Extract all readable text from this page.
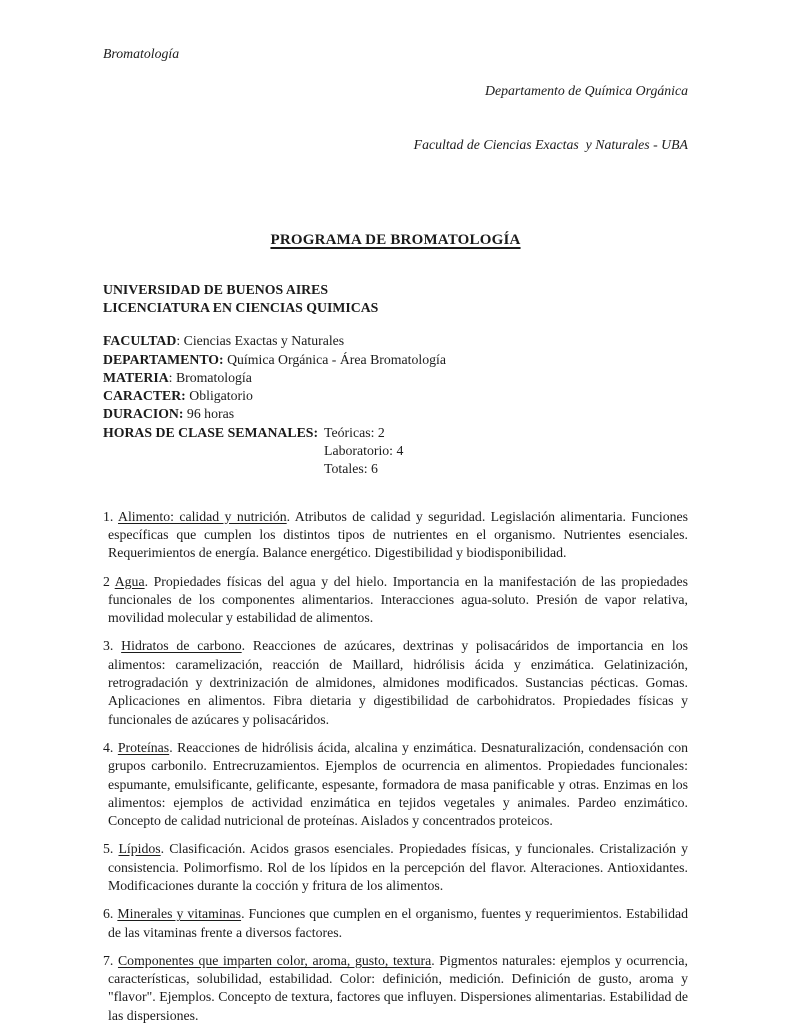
Bromatología

Departamento de Química Orgánica

Facultad de Ciencias Exactas  y Naturales - UBA

PROGRAMA DE BROMATOLOGÍA
UNIVERSIDAD DE BUENOS AIRES
LICENCIATURA EN CIENCIAS QUIMICAS
FACULTAD: Ciencias Exactas y Naturales
DEPARTAMENTO: Química Orgánica - Área Bromatología
MATERIA: Bromatología
CARACTER: Obligatorio
DURACION: 96 horas
HORAS DE CLASE SEMANALES: Teóricas: 2
Laboratorio: 4
Totales: 6
1. Alimento: calidad y nutrición. Atributos de calidad y seguridad. Legislación alimentaria. Funciones específicas que cumplen los distintos tipos de nutrientes en el organismo. Nutrientes esenciales. Requerimientos de energía. Balance energético. Digestibilidad y biodisponibilidad.
2 Agua. Propiedades físicas del agua y del hielo. Importancia en la manifestación de las propiedades funcionales de los componentes alimentarios. Interacciones agua-soluto. Presión de vapor relativa, movilidad molecular y estabilidad de alimentos.
3. Hidratos de carbono. Reacciones de azúcares, dextrinas y polisacáridos de importancia en los alimentos: caramelización, reacción de Maillard, hidrólisis ácida y enzimática. Gelatinización, retrogradación y dextrinización de almidones, almidones modificados. Sustancias pécticas. Gomas. Aplicaciones en alimentos. Fibra dietaria y digestibilidad de carbohidratos. Propiedades físicas y funcionales de azúcares y polisacáridos.
4. Proteínas. Reacciones de hidrólisis ácida, alcalina y enzimática. Desnaturalización, condensación con grupos carbonilo. Entrecruzamientos. Ejemplos de ocurrencia en alimentos. Propiedades funcionales: espumante, emulsificante, gelificante, espesante, formadora de masa panificable y otras. Enzimas en los alimentos: ejemplos de actividad enzimática en tejidos vegetales y animales. Pardeo enzimático. Concepto de calidad nutricional de proteínas. Aislados y concentrados proteicos.
5. Lípidos. Clasificación. Acidos grasos esenciales. Propiedades físicas, y funcionales. Cristalización y consistencia. Polimorfismo. Rol de los lípidos en la percepción del flavor. Alteraciones. Antioxidantes. Modificaciones durante la cocción y fritura de los alimentos.
6. Minerales y vitaminas. Funciones que cumplen en el organismo, fuentes y requerimientos. Estabilidad de las vitaminas frente a diversos factores.
7. Componentes que imparten color, aroma, gusto, textura. Pigmentos naturales: ejemplos y ocurrencia, características, solubilidad, estabilidad. Color: definición, medición. Definición de gusto, aroma y "flavor". Ejemplos. Concepto de textura, factores que influyen. Dispersiones alimentarias. Estabilidad de las dispersiones.
